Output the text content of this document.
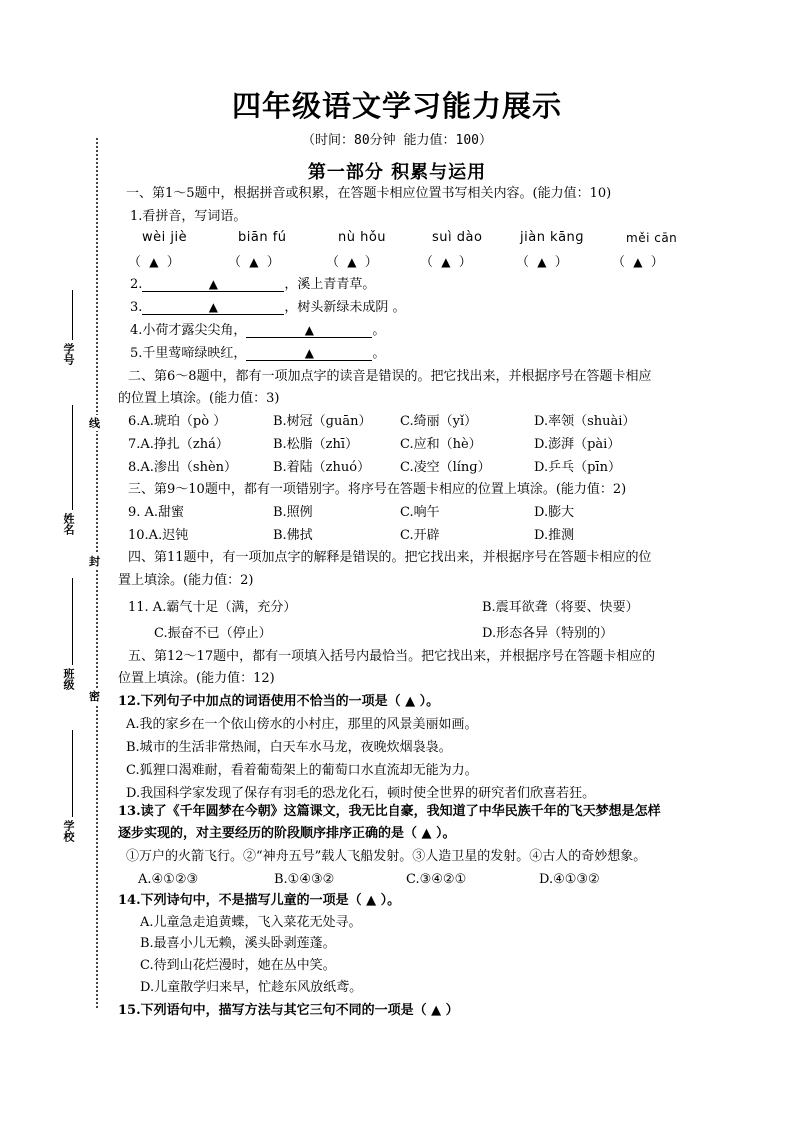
四年级语文学习能力展示
（时间：80分钟 能力值：100）
第一部分 积累与运用
线
封
密
学号
姓名
班级
学校
一、第1～5题中，根据拼音或积累，在答题卡相应位置书写相关内容。(能力值：10)
1.看拼音，写词语。
wèi jiè	biān fú	nù hǒu	suì dào	jiàn kānɡ	měi cān
（ ▲ ）	（ ▲ ）	（ ▲ ）	（ ▲ ）	（ ▲ ）	（ ▲ ）
2.	▲	，溪上青青草。
3.	▲	，树头新绿未成阴 。
4.小荷才露尖尖角，	▲	。
5.千里莺啼绿映红，	▲	。
二、第6～8题中，都有一项加点字的读音是错误的。把它找出来，并根据序号在答题卡相应
的位置上填涂。(能力值：3)
6.A.琥珀（pò ）	B.树冠（ɡuān） C.绮丽（yǐ）	D.率领（shuài）
7.A.挣扎（zhá）	B.松脂（zhī）	C.应和（hè）	D.澎湃（pài）
8.A.渗出（shèn）	B.着陆（zhuó） C.凌空（línɡ）	D.乒乓（pīn）
三、第9～10题中，都有一项错别字。将序号在答题卡相应的位置上填涂。(能力值：2)
9. A.甜蜜	B.照例	C.响午	D.膨大
10.A.迟钝	B.佛拭	C.开辟	D.推测
四、第11题中，有一项加点字的解释是错误的。把它找出来，并根据序号在答题卡相应的位
置上填涂。(能力值：2)
11. A.霸气十足（满，充分）	B.震耳欲聋（将要、快要）
C.振奋不已（停止）	D.形态各异（特别的）
五、第12～17题中，都有一项填入括号内最恰当。把它找出来，并根据序号在答题卡相应的
位置上填涂。(能力值：12)
12.下列句子中加点的词语使用不恰当的一项是（ ▲ ）。
A.我的家乡在一个依山傍水的小村庄，那里的风景美丽如画。
B.城市的生活非常热闹，白天车水马龙，夜晚炊烟袅袅。
C.狐狸口渴难耐，看着葡萄架上的葡萄口水直流却无能为力。
D.我国科学家发现了保存有羽毛的恐龙化石，顿时使全世界的研究者们欣喜若狂。
13.读了《千年圆梦在今朝》这篇课文，我无比自豪，我知道了中华民族千年的飞天梦想是怎样
逐步实现的，对主要经历的阶段顺序排序正确的是（ ▲ ）。
①万户的火箭飞行。②“神舟五号”载人飞船发射。③人造卫星的发射。④古人的奇妙想象。
A.④①②③	B.①④③②	C.③④②①	D.④①③②
14.下列诗句中，不是描写儿童的一项是（ ▲ ）。
A.儿童急走追黄蝶，飞入菜花无处寻。
B.最喜小儿无赖，溪头卧剥莲蓬。
C.待到山花烂漫时，她在丛中笑。
D.儿童散学归来早，忙趁东风放纸鸢。
15.下列语句中，描写方法与其它三句不同的一项是（ ▲ ）
